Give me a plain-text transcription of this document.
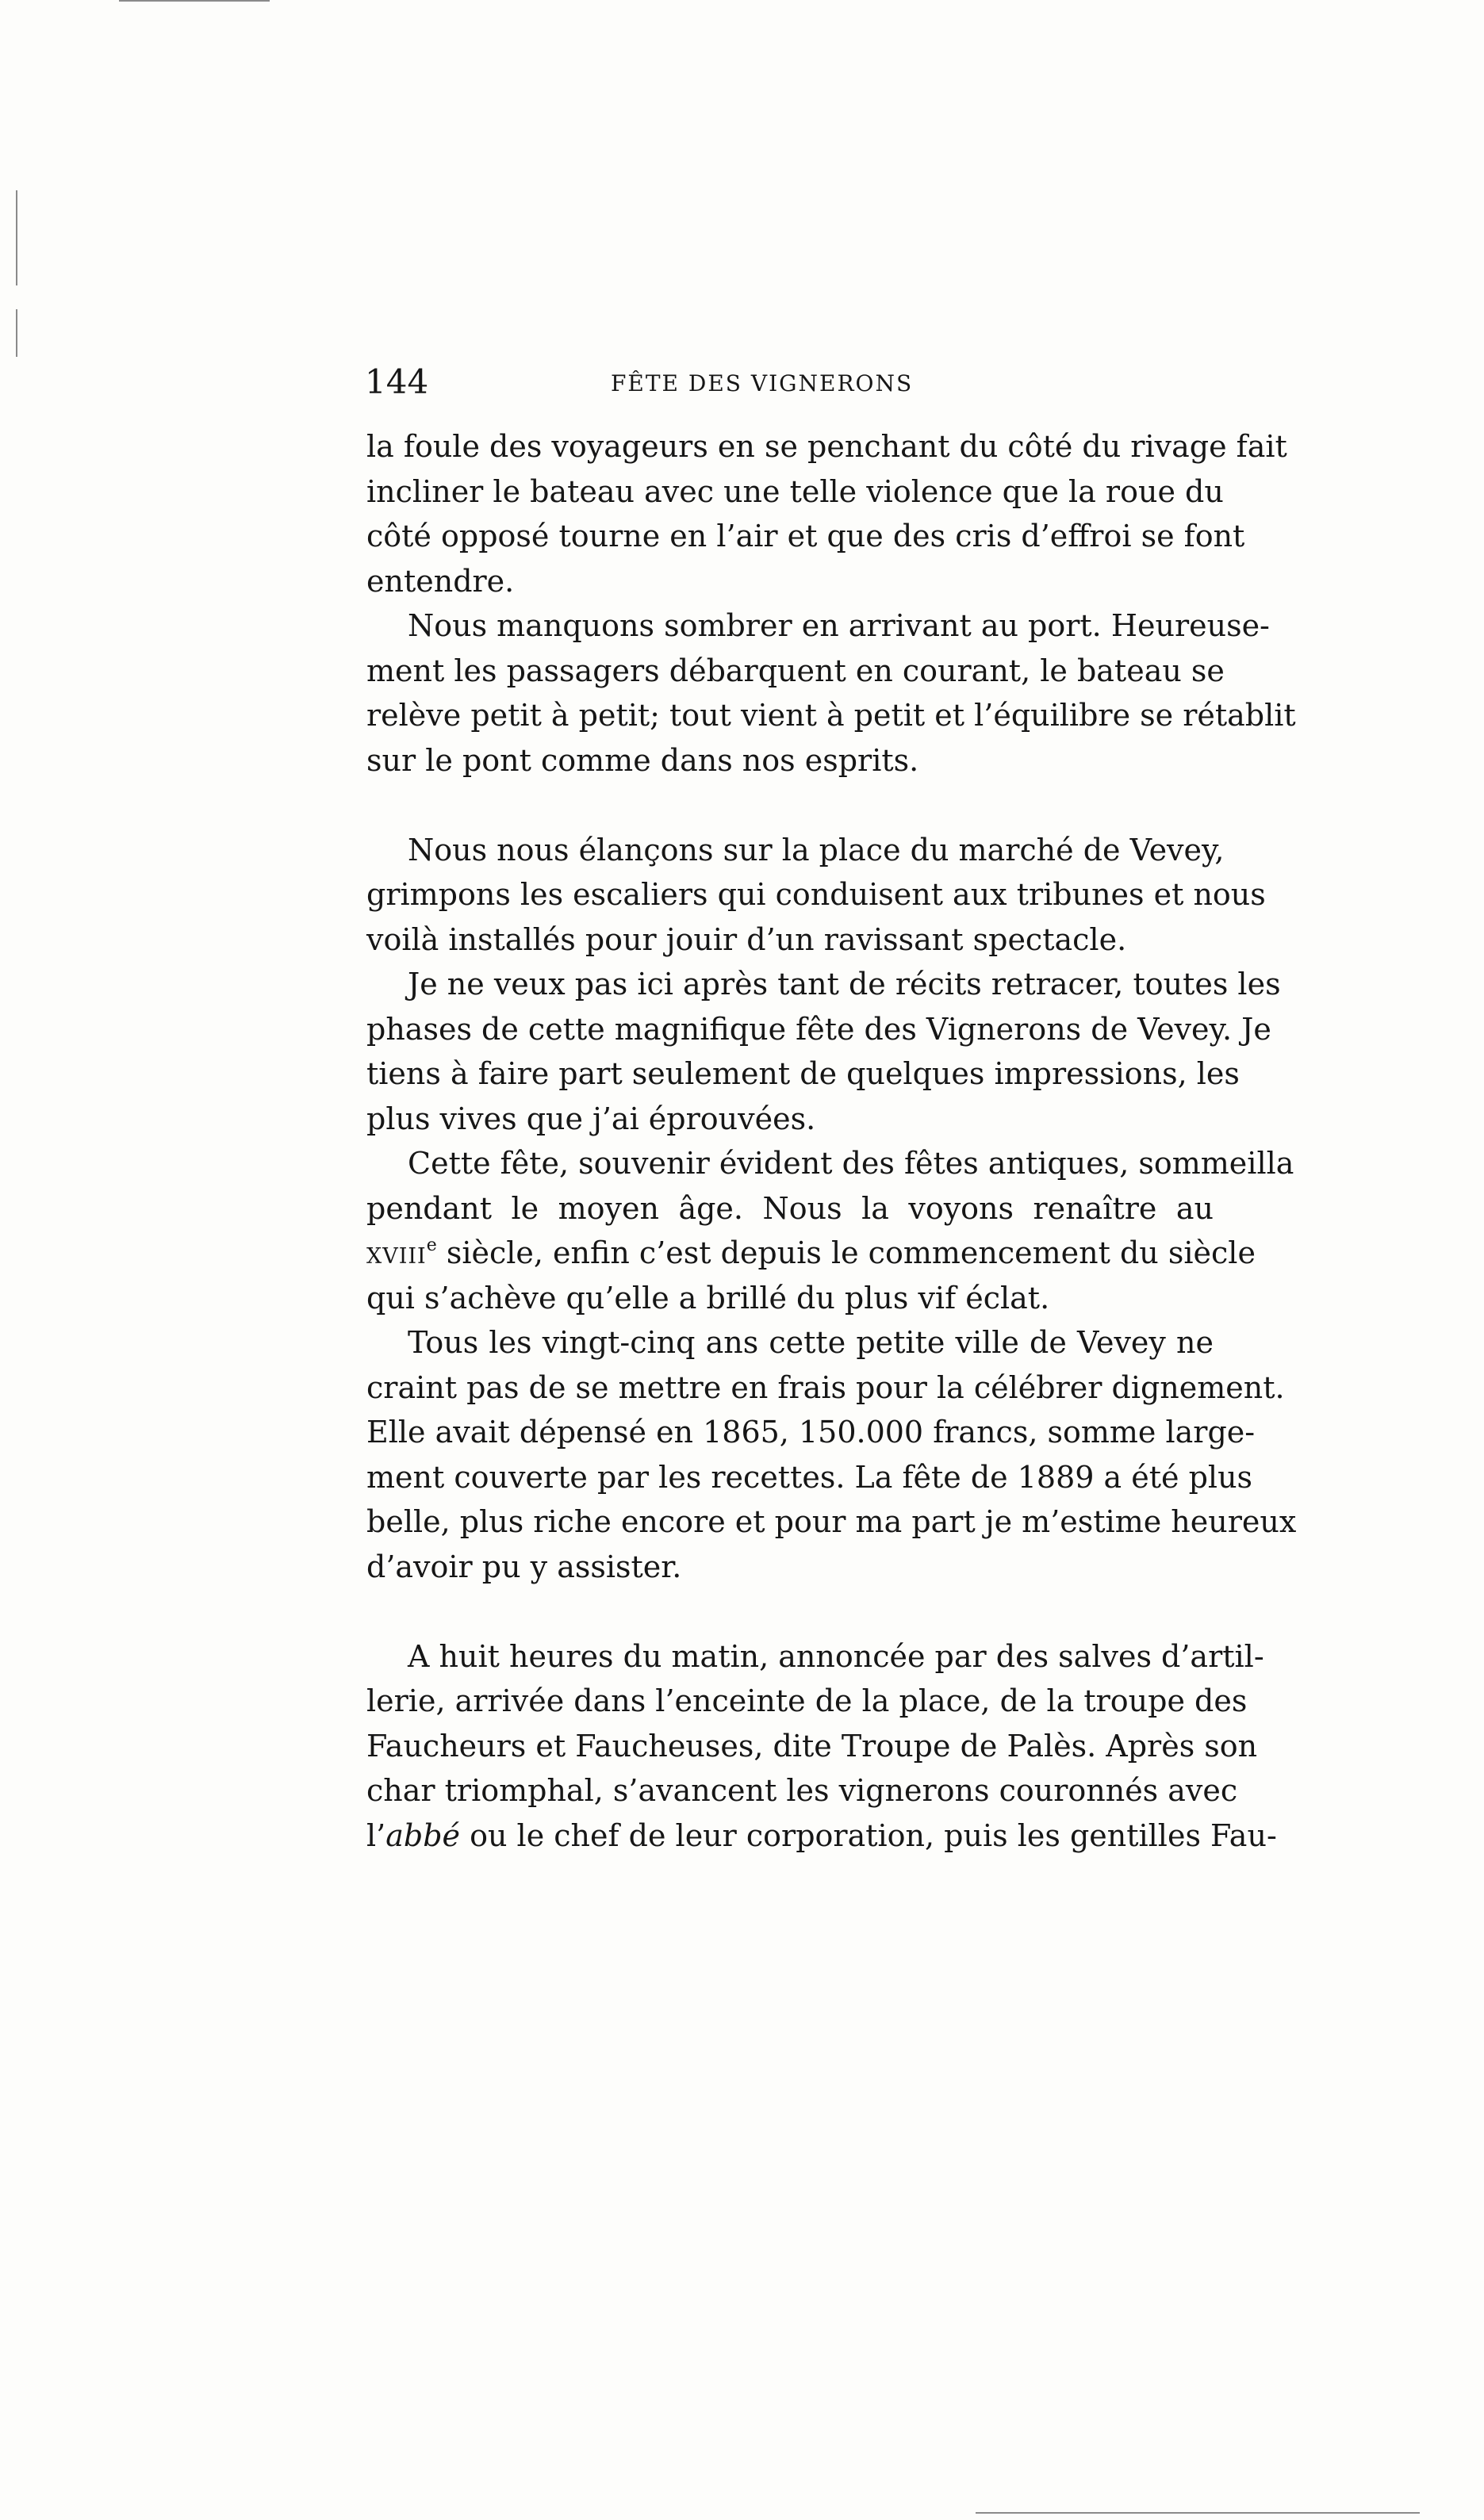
144	FÊTE DES VIGNERONS
la foule des voyageurs en se penchant du côté du rivage fait
incliner le bateau avec une telle violence que la roue du
côté opposé tourne en l’air et que des cris d’effroi se font
entendre.
Nous manquons sombrer en arrivant au port. Heureuse-
ment les passagers débarquent en courant, le bateau se
relève petit à petit; tout vient à petit et l’équilibre se rétablit
sur le pont comme dans nos esprits.
Nous nous élançons sur la place du marché de Vevey,
grimpons les escaliers qui conduisent aux tribunes et nous
voilà installés pour jouir d’un ravissant spectacle.
Je ne veux pas ici après tant de récits retracer, toutes les
phases de cette magnifique fête des Vignerons de Vevey. Je
tiens à faire part seulement de quelques impressions, les
plus vives que j’ai éprouvées.
Cette fête, souvenir évident des fêtes antiques, sommeilla
pendant le moyen âge. Nous la voyons renaître au
xviii$^e$ siècle, enfin c’est depuis le commencement du siècle
qui s’achève qu’elle a brillé du plus vif éclat.
Tous les vingt-cinq ans cette petite ville de Vevey ne
craint pas de se mettre en frais pour la célébrer dignement.
Elle avait dépensé en 1865, 150.000 francs, somme large-
ment couverte par les recettes. La fête de 1889 a été plus
belle, plus riche encore et pour ma part je m’estime heureux
d’avoir pu y assister.
A huit heures du matin, annoncée par des salves d’artil-
lerie, arrivée dans l’enceinte de la place, de la troupe des
Faucheurs et Faucheuses, dite Troupe de Palès. Après son
char triomphal, s’avancent les vignerons couronnés avec
l’abbé ou le chef de leur corporation, puis les gentilles Fau-
